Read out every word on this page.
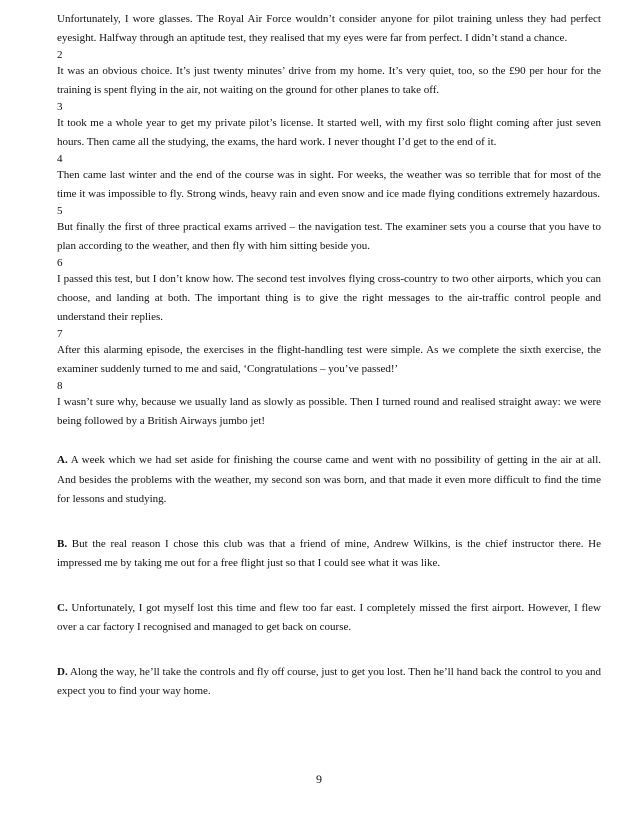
Unfortunately, I wore glasses. The Royal Air Force wouldn’t consider anyone for pilot training unless they had perfect eyesight. Halfway through an aptitude test, they realised that my eyes were far from perfect. I didn’t stand a chance.

2

It was an obvious choice. It’s just twenty minutes’ drive from my home. It’s very quiet, too, so the £90 per hour for the training is spent flying in the air, not waiting on the ground for other planes to take off.

3

It took me a whole year to get my private pilot’s license. It started well, with my first solo flight coming after just seven hours. Then came all the studying, the exams, the hard work. I never thought I’d get to the end of it.

4

Then came last winter and the end of the course was in sight. For weeks, the weather was so terrible that for most of the time it was impossible to fly. Strong winds, heavy rain and even snow and ice made flying conditions extremely hazardous.

5

But finally the first of three practical exams arrived – the navigation test. The examiner sets you a course that you have to plan according to the weather, and then fly with him sitting beside you.

6

I passed this test, but I don’t know how. The second test involves flying cross-country to two other airports, which you can choose, and landing at both. The important thing is to give the right messages to the air-traffic control people and understand their replies.

7

After this alarming episode, the exercises in the flight-handling test were simple. As we complete the sixth exercise, the examiner suddenly turned to me and said, ‘Congratulations – you’ve passed!’

8

I wasn’t sure why, because we usually land as slowly as possible. Then I turned round and realised straight away: we were being followed by a British Airways jumbo jet!

A. A week which we had set aside for finishing the course came and went with no possibility of getting in the air at all. And besides the problems with the weather, my second son was born, and that made it even more difficult to find the time for lessons and studying.

B. But the real reason I chose this club was that a friend of mine, Andrew Wilkins, is the chief instructor there. He impressed me by taking me out for a free flight just so that I could see what it was like.

C. Unfortunately, I got myself lost this time and flew too far east. I completely missed the first airport. However, I flew over a car factory I recognised and managed to get back on course.

D. Along the way, he’ll take the controls and fly off course, just to get you lost. Then he’ll hand back the control to you and expect you to find your way home.

9
